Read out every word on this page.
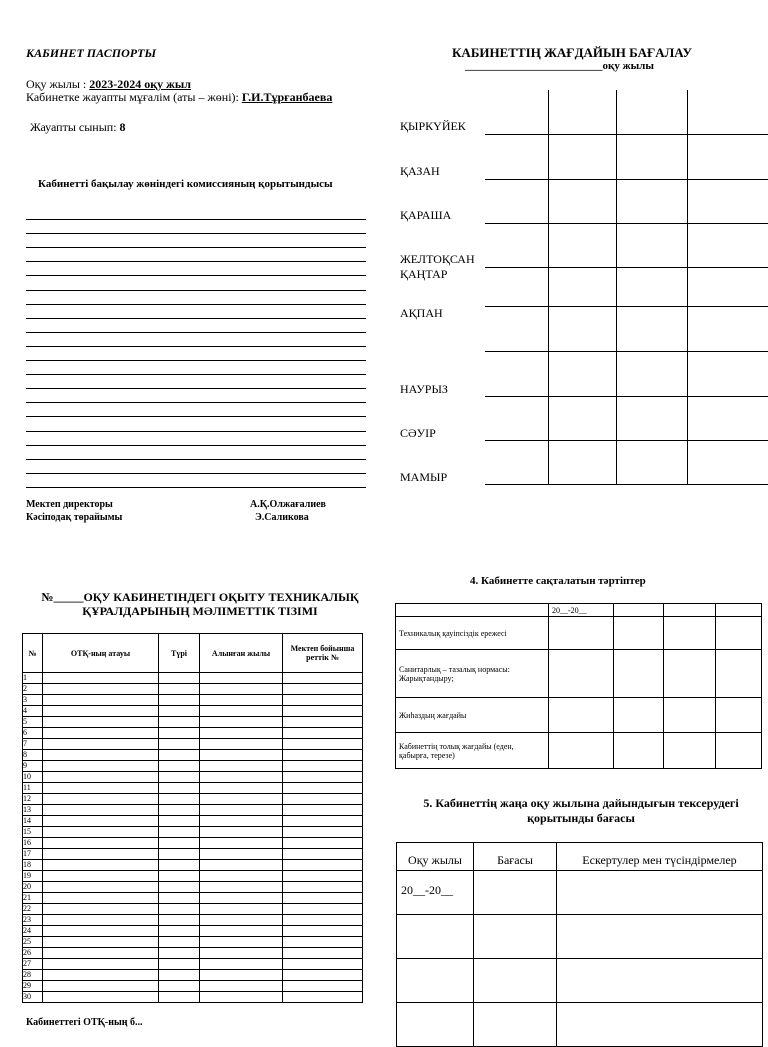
КАБИНЕТ ПАСПОРТЫ
Оқу жылы : 2023-2024 оқу жыл
Кабинетке жауапты мұғалім (аты – жөні): Г.И.Тұрғанбаева
Жауапты сынып: 8
Кабинетті бақылау жөніндегі комиссияның қорытындысы
Мектеп директоры	А.Қ.Олжағалиев
Кәсіподақ төрайымы	Э.Саликова
КАБИНЕТТІҢ ЖАҒДАЙЫН БАҒАЛАУ
_________________________оқу жылы
ҚЫРКҮЙЕК
ҚАЗАН
ҚАРАША
ЖЕЛТОҚСАН
ҚАҢТАР
АҚПАН
НАУРЫЗ
СӘУІР
МАМЫР
№_____ОҚУ КАБИНЕТІНДЕГІ ОҚЫТУ ТЕХНИКАЛЫҚ
ҚҰРАЛДАРЫНЫҢ МӘЛІМЕТТІК ТІЗІМІ
№	ОТҚ-ның атауы	Түрі	Алынған жылы	Мектеп бойынша реттік №
1				
2				
3				
4				
5				
6				
7				
8				
9				
10				
11				
12				
13				
14				
15				
16				
17				
18				
19				
20				
21				
22				
23				
24				
25				
26				
27				
28				
29				
30				
Кабинеттегі ОТҚ-ның б...
4. Кабинетте сақталатын тәртіптер
	20__-20__			
Техникалық қауіпсіздік ережесі				
Санитарлық – тазалық нормасы: Жарықтандыру;				
Жиһаздың жағдайы				
Кабинеттің толық жағдайы (еден, қабырға, терезе)				
5. Кабинеттің жаңа оқу жылына дайындығын тексерудегі
қорытынды бағасы
Оқу жылы	Бағасы	Ескертулер мен түсіндірмелер
20__-20__		
